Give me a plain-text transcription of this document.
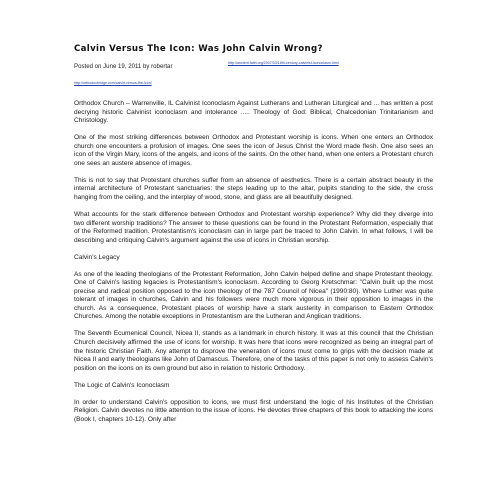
Calvin Versus The Icon: Was John Calvin Wrong?
Posted on June 19, 2011 by robertar	http://ancient-faith.org/2007/03/16th-century-calvinist-iconoclasm.html
http://orthodoxbridge.com/calvin-versus-the-icon/

Orthodox Church – Warrenville, IL Calvinist Iconoclasm Against Lutherans and Lutheran Liturgical and ... has written a post decrying historic Calvinist iconoclasm and intolerance ..... Theology of God: Biblical, Chalcedonian Trinitarianism and Christology.

One of the most striking differences between Orthodox and Protestant worship is icons. When one enters an Orthodox church one encounters a profusion of images. One sees the icon of Jesus Christ the Word made flesh. One also sees an icon of the Virgin Mary, icons of the angels, and icons of the saints. On the other hand, when one enters a Protestant church one sees an austere absence of images.

This is not to say that Protestant churches suffer from an absence of aesthetics. There is a certain abstract beauty in the internal architecture of Protestant sanctuaries: the steps leading up to the altar, pulpits standing to the side, the cross hanging from the ceiling, and the interplay of wood, stone, and glass are all beautifully designed.

What accounts for the stark difference between Orthodox and Protestant worship experience? Why did they diverge into two different worship traditions? The answer to these questions can be found in the Protestant Reformation, especially that of the Reformed tradition. Protestantism's iconoclasm can in large part be traced to John Calvin. In what follows, I will be describing and critiquing Calvin's argument against the use of icons in Christian worship.

Calvin's Legacy

As one of the leading theologians of the Protestant Reformation, John Calvin helped define and shape Protestant theology. One of Calvin's lasting legacies is Protestantism's iconoclasm. According to Georg Kretschmar: "Calvin built up the most precise and radical position opposed to the icon theology of the 787 Council of Nicea" (1990:80). Where Luther was quite tolerant of images in churches, Calvin and his followers were much more vigorous in their opposition to images in the church. As a consequence, Protestant places of worship have a stark austerity in comparison to Eastern Orthodox Churches. Among the notable exceptions in Protestantism are the Lutheran and Anglican traditions.

The Seventh Ecumenical Council, Nicea II, stands as a landmark in church history. It was at this council that the Christian Church decisively affirmed the use of icons for worship. It was here that icons were recognized as being an integral part of the historic Christian Faith. Any attempt to disprove the veneration of icons must come to grips with the decision made at Nicea II and early theologians like John of Damascus. Therefore, one of the tasks of this paper is not only to assess Calvin's position on the icons on its own ground but also in relation to historic Orthodoxy.

The Logic of Calvin's Iconoclasm

In order to understand Calvin's opposition to icons, we must first understand the logic of his Institutes of the Christian Religion. Calvin devotes no little attention to the issue of icons. He devotes three chapters of this book to attacking the icons (Book I, chapters 10-12). Only after
